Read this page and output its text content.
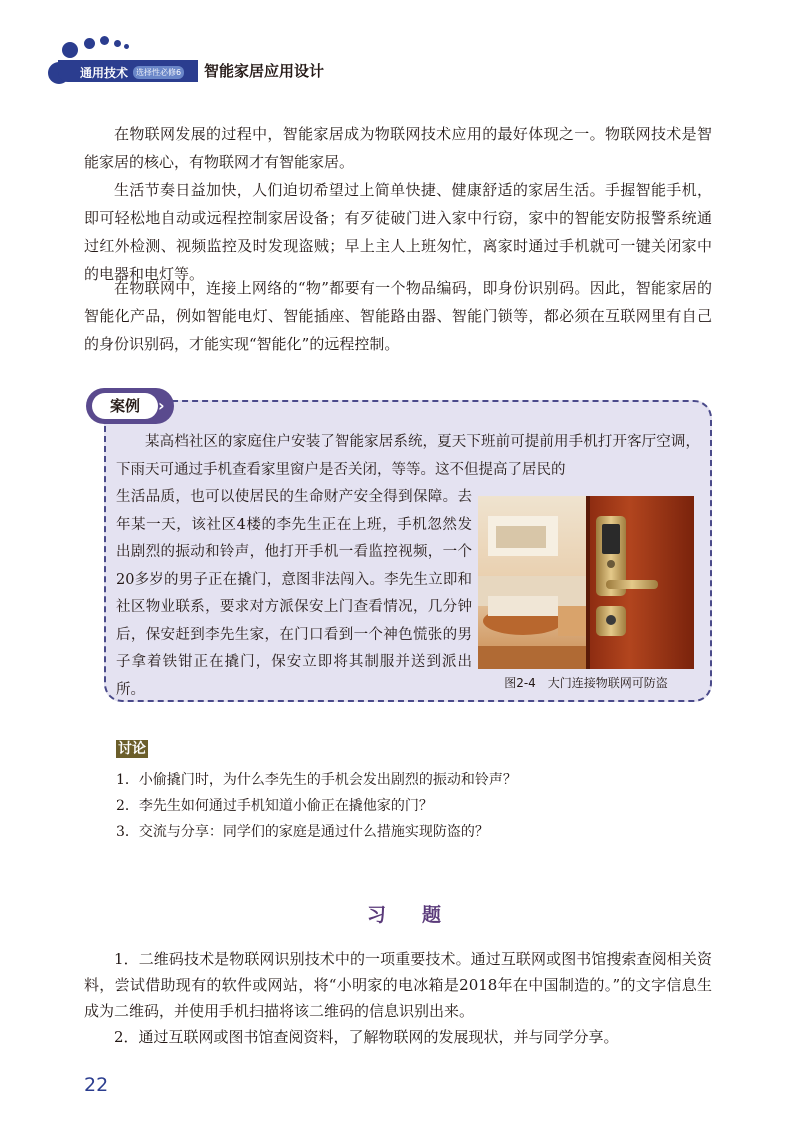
通用技术 选择性必修6 智能家居应用设计

在物联网发展的过程中，智能家居成为物联网技术应用的最好体现之一。物联网技术是智能家居的核心，有物联网才有智能家居。

生活节奏日益加快，人们迫切希望过上简单快捷、健康舒适的家居生活。手握智能手机，即可轻松地自动或远程控制家居设备；有歹徒破门进入家中行窃，家中的智能安防报警系统通过红外检测、视频监控及时发现盗贼；早上主人上班匆忙，离家时通过手机就可一键关闭家中的电器和电灯等。

在物联网中，连接上网络的“物”都要有一个物品编码，即身份识别码。因此，智能家居的智能化产品，例如智能电灯、智能插座、智能路由器、智能门锁等，都必须在互联网里有自己的身份识别码，才能实现“智能化”的远程控制。

案例	›

某高档社区的家庭住户安装了智能家居系统，夏天下班前可提前用手机打开客厅空调，下雨天可通过手机查看家里窗户是否关闭，等等。这不但提高了居民的

生活品质，也可以使居民的生命财产安全得到保障。去年某一天，该社区4楼的李先生正在上班，手机忽然发出剧烈的振动和铃声，他打开手机一看监控视频，一个20多岁的男子正在撬门，意图非法闯入。李先生立即和社区物业联系，要求对方派保安上门查看情况，几分钟后，保安赶到李先生家，在门口看到一个神色慌张的男子拿着铁钳正在撬门，保安立即将其制服并送到派出所。	图2-4　大门连接物联网可防盗
讨论

1．小偷撬门时，为什么李先生的手机会发出剧烈的振动和铃声？

2．李先生如何通过手机知道小偷正在撬他家的门？

3．交流与分享：同学们的家庭是通过什么措施实现防盗的？

习题

1．二维码技术是物联网识别技术中的一项重要技术。通过互联网或图书馆搜索查阅相关资料，尝试借助现有的软件或网站，将“小明家的电冰箱是2018年在中国制造的。”的文字信息生成为二维码，并使用手机扫描将该二维码的信息识别出来。

2．通过互联网或图书馆查阅资料，了解物联网的发展现状，并与同学分享。

22
